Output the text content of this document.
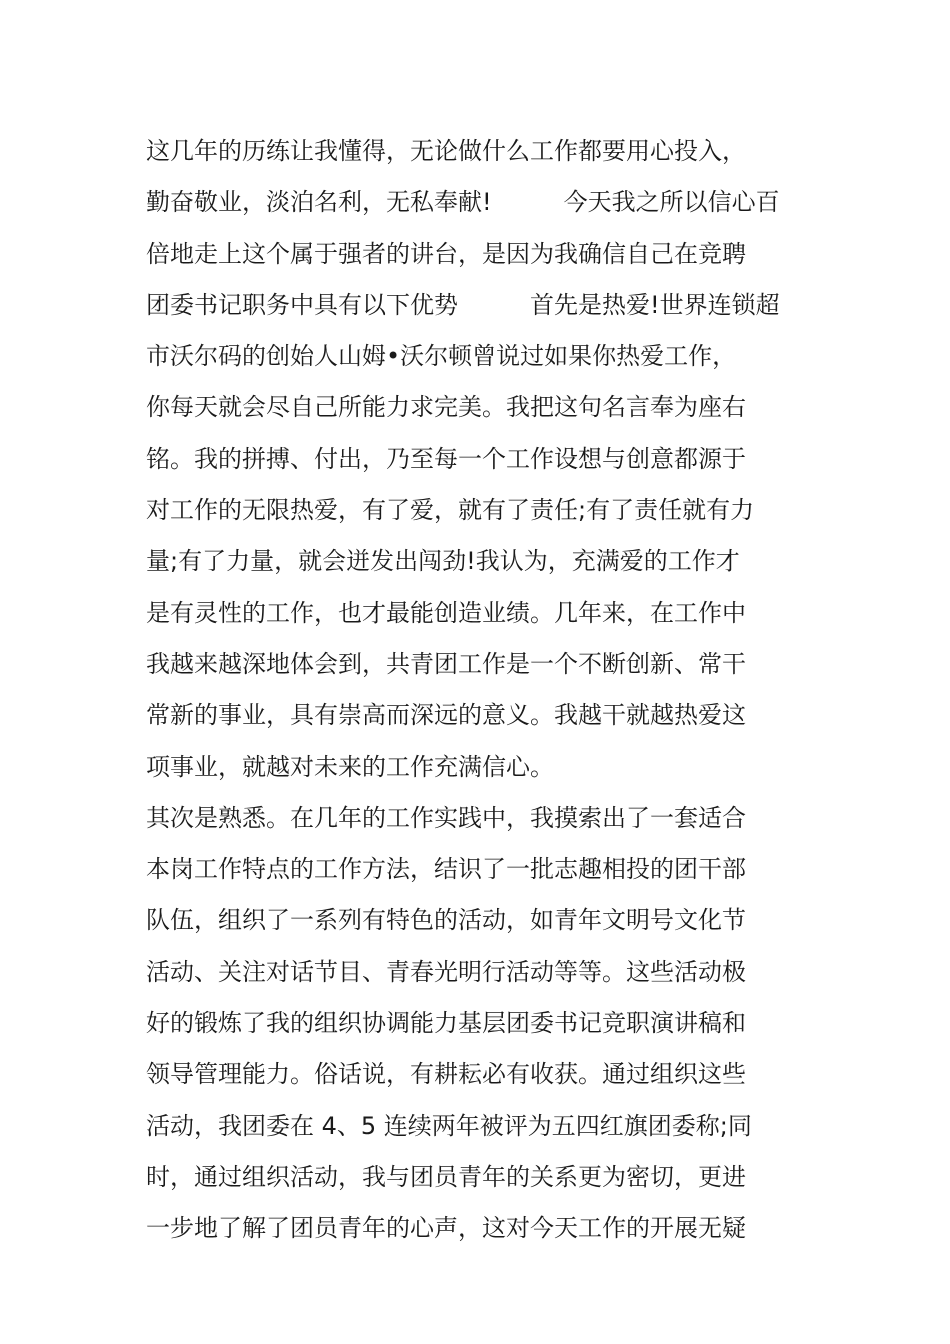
这几年的历练让我懂得，无论做什么工作都要用心投入，
勤奋敬业，淡泊名利，无私奉献!　　　今天我之所以信心百
倍地走上这个属于强者的讲台，是因为我确信自己在竞聘
团委书记职务中具有以下优势　　　首先是热爱!世界连锁超
市沃尔码的创始人山姆•沃尔顿曾说过如果你热爱工作，
你每天就会尽自己所能力求完美。我把这句名言奉为座右
铭。我的拼搏、付出，乃至每一个工作设想与创意都源于
对工作的无限热爱，有了爱，就有了责任;有了责任就有力
量;有了力量，就会迸发出闯劲!我认为，充满爱的工作才
是有灵性的工作，也才最能创造业绩。几年来，在工作中
我越来越深地体会到，共青团工作是一个不断创新、常干
常新的事业，具有崇高而深远的意义。我越干就越热爱这
项事业，就越对未来的工作充满信心。
其次是熟悉。在几年的工作实践中，我摸索出了一套适合
本岗工作特点的工作方法，结识了一批志趣相投的团干部
队伍，组织了一系列有特色的活动，如青年文明号文化节
活动、关注对话节目、青春光明行活动等等。这些活动极
好的锻炼了我的组织协调能力基层团委书记竞职演讲稿和
领导管理能力。俗话说，有耕耘必有收获。通过组织这些
活动，我团委在 4、5 连续两年被评为五四红旗团委称;同
时，通过组织活动，我与团员青年的关系更为密切，更进
一步地了解了团员青年的心声，这对今天工作的开展无疑
